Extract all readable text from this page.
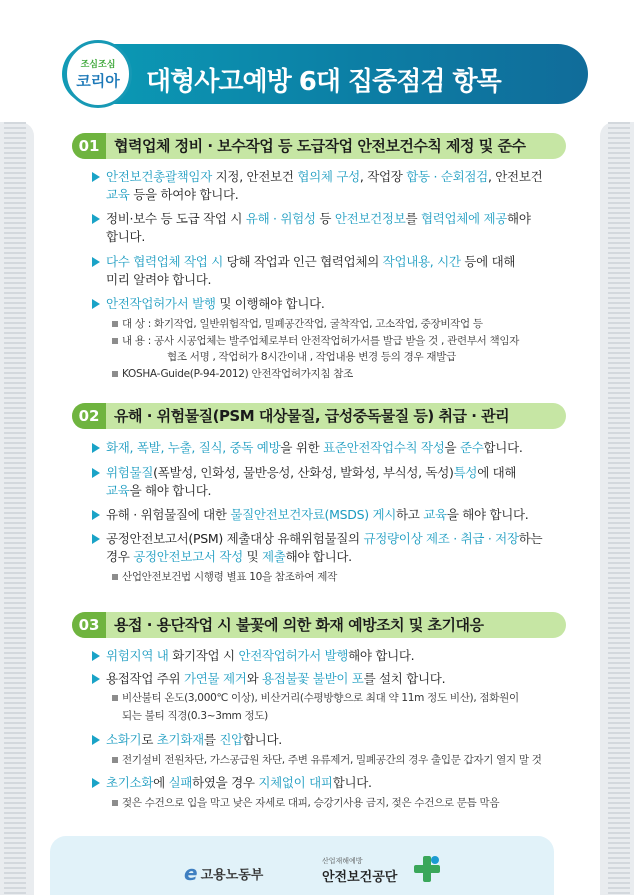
대형사고예방 6대 집중점검 항목
조심조심
코리아
01 협력업체 정비 · 보수작업 등 도급작업 안전보건수칙 제정 및 준수
안전보건총괄책임자 지정, 안전보건 협의체 구성, 작업장 합동 · 순회점검, 안전보건
교육 등을 하여야 합니다.
정비·보수 등 도급 작업 시 유해 · 위험성 등 안전보건정보를 협력업체에 제공해야
합니다.
다수 협력업체 작업 시 당해 작업과 인근 협력업체의 작업내용, 시간 등에 대해
미리 알려야 합니다.
안전작업허가서 발행 및 이행해야 합니다.
대 상 : 화기작업, 일반위험작업, 밀폐공간작업, 굴착작업, 고소작업, 중장비작업 등
내 용 : 공사 시공업체는 발주업체로부터 안전작업허가서를 발급 받을 것 , 관련부서 책임자
협조 서명 , 작업허가 8시간이내 , 작업내용 변경 등의 경우 재발급
KOSHA-Guide(P-94-2012) 안전작업허가지침 참조
02 유해 · 위험물질(PSM 대상물질, 급성중독물질 등) 취급 · 관리
화재, 폭발, 누출, 질식, 중독 예방을 위한 표준안전작업수칙 작성을 준수합니다.
위험물질(폭발성, 인화성, 물반응성, 산화성, 발화성, 부식성, 독성)특성에 대해
교육을 해야 합니다.
유해 · 위험물질에 대한 물질안전보건자료(MSDS) 게시하고 교육을 해야 합니다.
공정안전보고서(PSM) 제출대상 유해위험물질의 규정량이상 제조 · 취급 · 저장하는
경우 공정안전보고서 작성 및 제출해야 합니다.
산업안전보건법 시행령 별표 10을 참조하여 제작
03 용접 · 용단작업 시 불꽃에 의한 화재 예방조치 및 초기대응
위험지역 내 화기작업 시 안전작업허가서 발행해야 합니다.
용접작업 주위 가연물 제거와 용접불꽃 불받이 포를 설치 합니다.
비산불티 온도(3,000℃ 이상), 비산거리(수평방향으로 최대 약 11m 정도 비산), 점화원이
되는 불티 직경(0.3~3mm 정도)
소화기로 초기화재를 진압합니다.
전기설비 전원차단, 가스공급원 차단, 주변 유류제거, 밀폐공간의 경우 출입문 갑자기 열지 말 것
초기소화에 실패하였을 경우 지체없이 대피합니다.
젖은 수건으로 입을 막고 낮은 자세로 대피, 승강기사용 금지, 젖은 수건으로 문틈 막음
e 고용노동부
산업재해예방
안전보건공단
